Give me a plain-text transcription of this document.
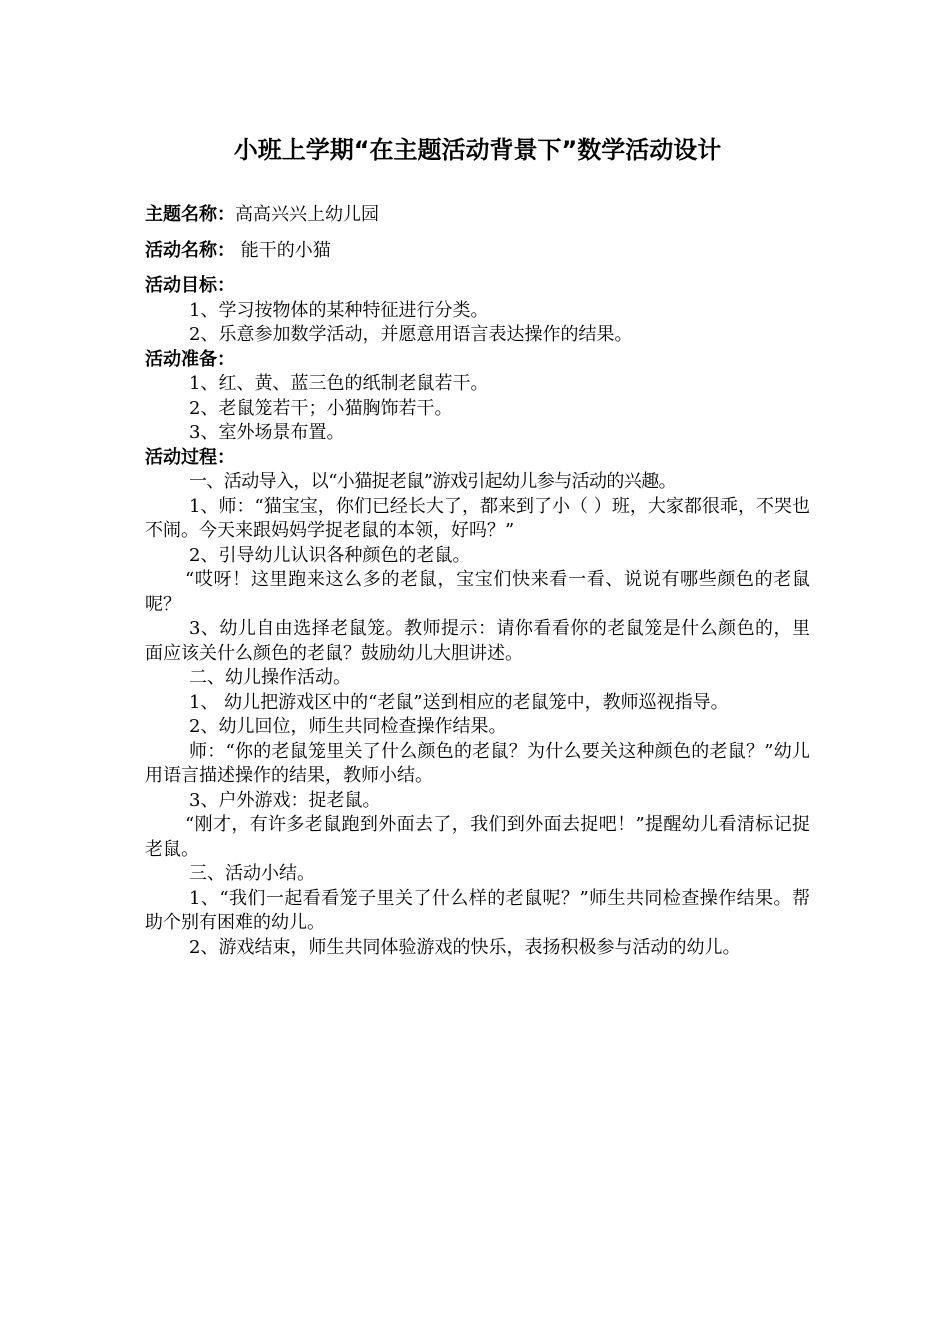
小班上学期“在主题活动背景下”数学活动设计
主题名称：高高兴兴上幼儿园
活动名称： 能干的小猫
活动目标：
1、学习按物体的某种特征进行分类。
2、乐意参加数学活动，并愿意用语言表达操作的结果。
活动准备：
1、红、黄、蓝三色的纸制老鼠若干。
2、老鼠笼若干；小猫胸饰若干。
3、室外场景布置。
活动过程：
一、活动导入，以“小猫捉老鼠”游戏引起幼儿参与活动的兴趣。
1、师：“猫宝宝，你们已经长大了，都来到了小（ ）班，大家都很乖，不哭也不闹。今天来跟妈妈学捉老鼠的本领，好吗？”
2、引导幼儿认识各种颜色的老鼠。
“哎呀！这里跑来这么多的老鼠，宝宝们快来看一看、说说有哪些颜色的老鼠呢？
3、幼儿自由选择老鼠笼。教师提示：请你看看你的老鼠笼是什么颜色的，里面应该关什么颜色的老鼠？鼓励幼儿大胆讲述。
二、幼儿操作活动。
1、 幼儿把游戏区中的“老鼠”送到相应的老鼠笼中，教师巡视指导。
2、幼儿回位，师生共同检查操作结果。
师：“你的老鼠笼里关了什么颜色的老鼠？为什么要关这种颜色的老鼠？”幼儿用语言描述操作的结果，教师小结。
3、户外游戏：捉老鼠。
“刚才，有许多老鼠跑到外面去了，我们到外面去捉吧！”提醒幼儿看清标记捉老鼠。
三、活动小结。
1、“我们一起看看笼子里关了什么样的老鼠呢？”师生共同检查操作结果。帮助个别有困难的幼儿。
2、游戏结束，师生共同体验游戏的快乐，表扬积极参与活动的幼儿。
